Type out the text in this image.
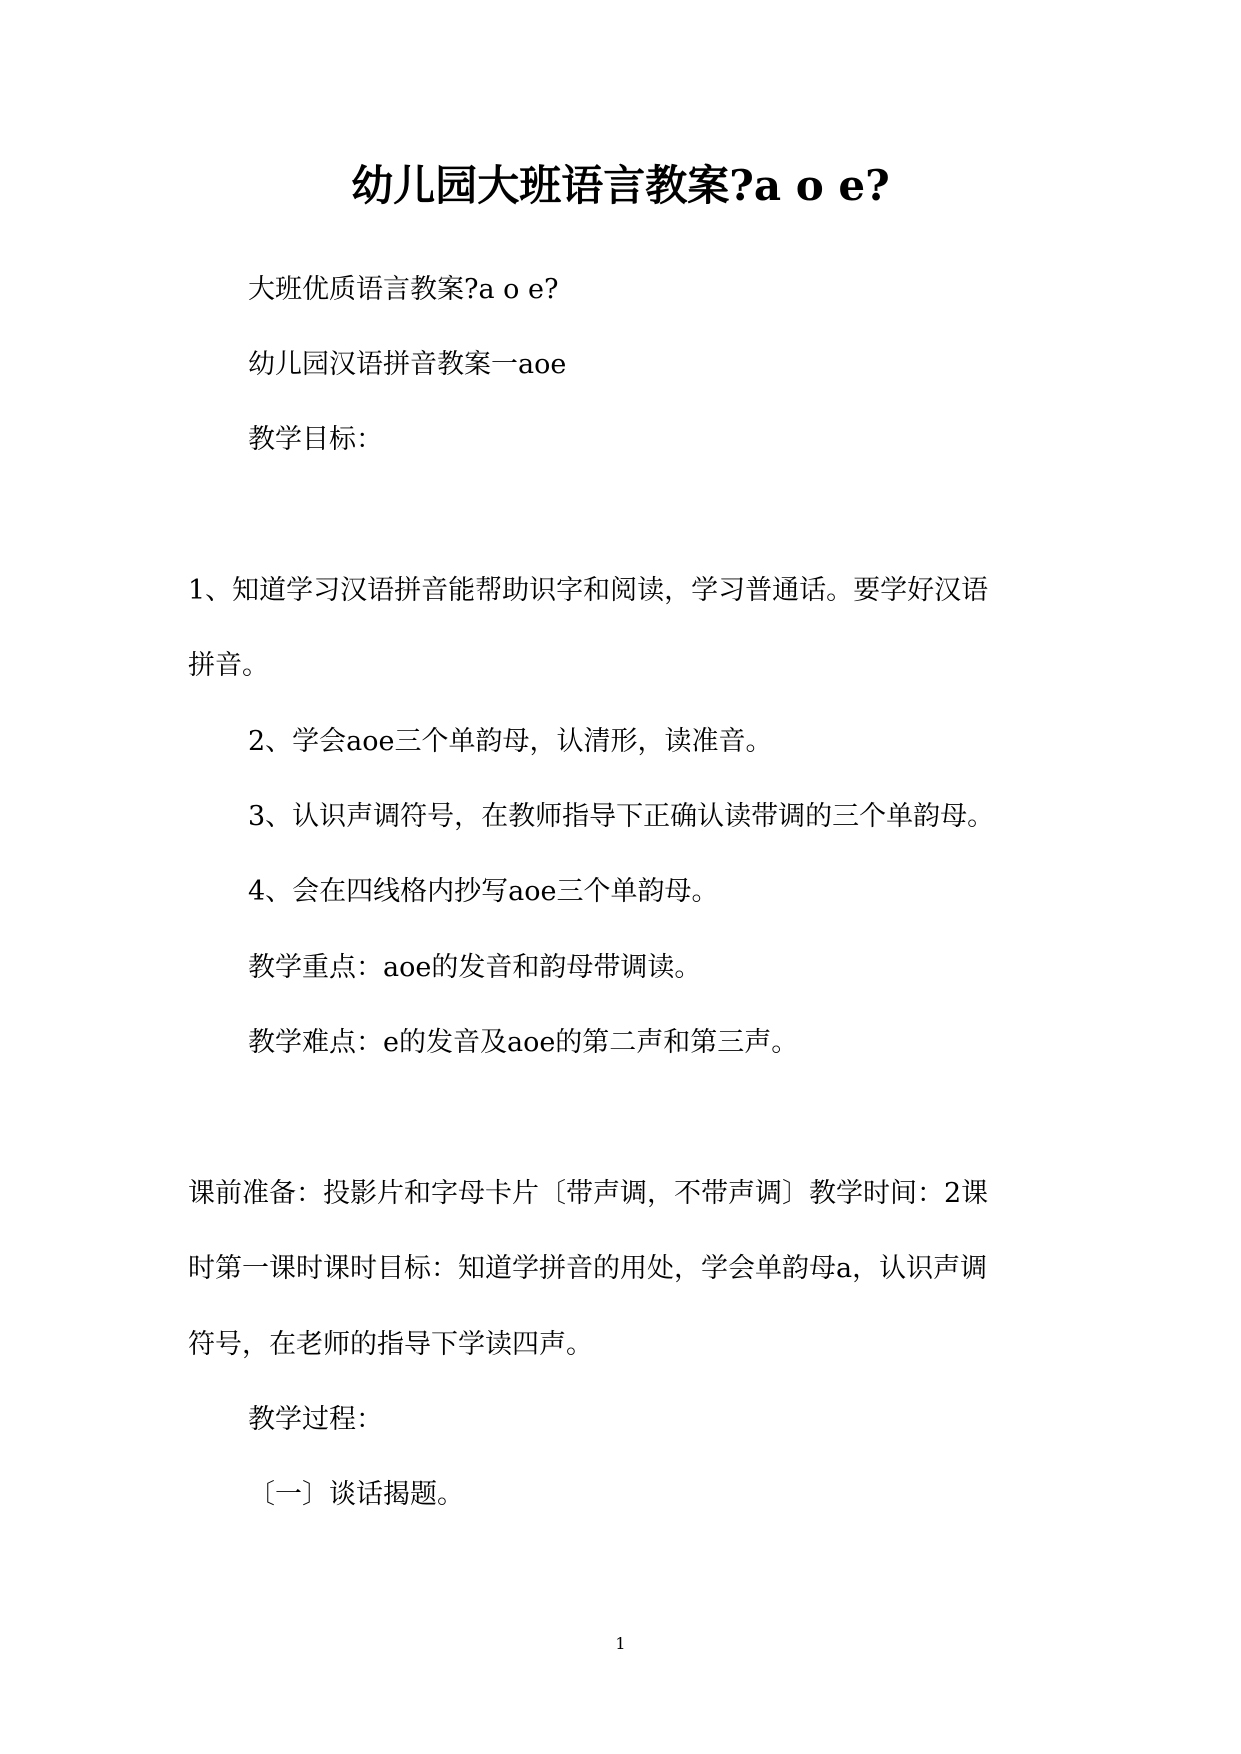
幼儿园大班语言教案?a o e?
大班优质语言教案?a o e?
幼儿园汉语拼音教案一aoe
教学目标：
1、知道学习汉语拼音能帮助识字和阅读，学习普通话。要学好汉语
拼音。
2、学会aoe三个单韵母，认清形，读准音。
3、认识声调符号，在教师指导下正确认读带调的三个单韵母。
4、会在四线格内抄写aoe三个单韵母。
教学重点：aoe的发音和韵母带调读。
教学难点：e的发音及aoe的第二声和第三声。
课前准备：投影片和字母卡片〔带声调，不带声调〕教学时间：2课
时第一课时课时目标：知道学拼音的用处，学会单韵母a，认识声调
符号，在老师的指导下学读四声。
教学过程：
〔一〕谈话揭题。
1
